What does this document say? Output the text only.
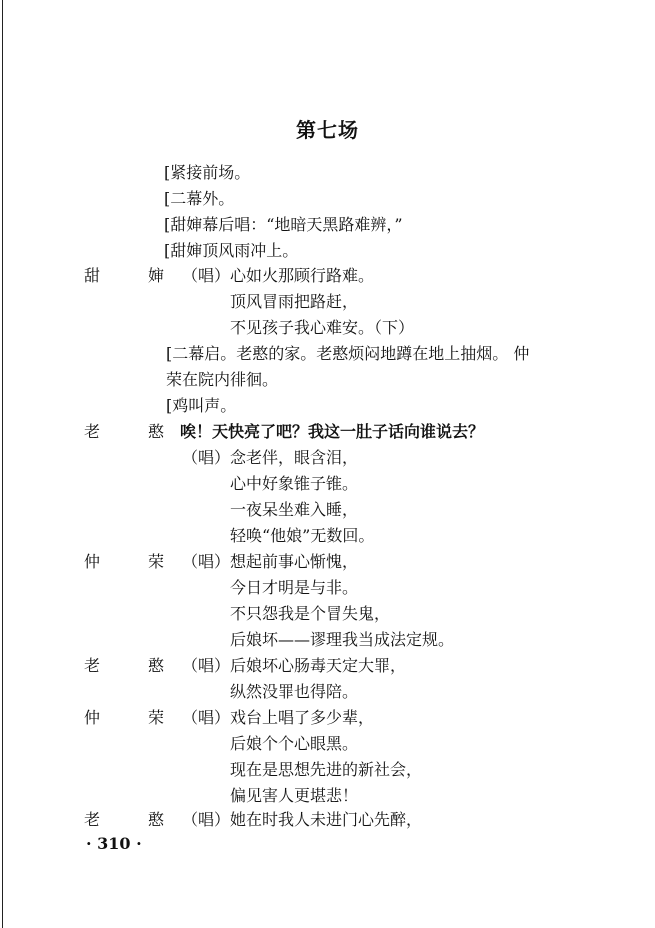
第七场
[紧接前场。
[二幕外。
[甜婶幕后唱：“地暗天黑路难辨，”
[甜婶顶风雨冲上。
甜	婶 （唱） 心如火那顾行路难。
顶风冒雨把路赶，
不见孩子我心难安。（下）
[二幕启。老憨的家。老憨烦闷地蹲在地上抽烟。 仲
荣在院内徘徊。
[鸡叫声。
老	憨 唉！天快亮了吧？我这一肚子话向谁说去？
（唱） 念老伴，眼含泪，
心中好象锥子锥。
一夜呆坐难入睡，
轻唤“他娘”无数回。
仲	荣 （唱） 想起前事心惭愧，
今日才明是与非。
不只怨我是个冒失鬼，
后娘坏——谬理我当成法定规。
老	憨 （唱） 后娘坏心肠毒天定大罪，
纵然没罪也得陪。
仲	荣 （唱） 戏台上唱了多少辈，
后娘个个心眼黑。
现在是思想先进的新社会，
偏见害人更堪悲！
老	憨 （唱） 她在时我人未进门心先醉，
· 310 ·
